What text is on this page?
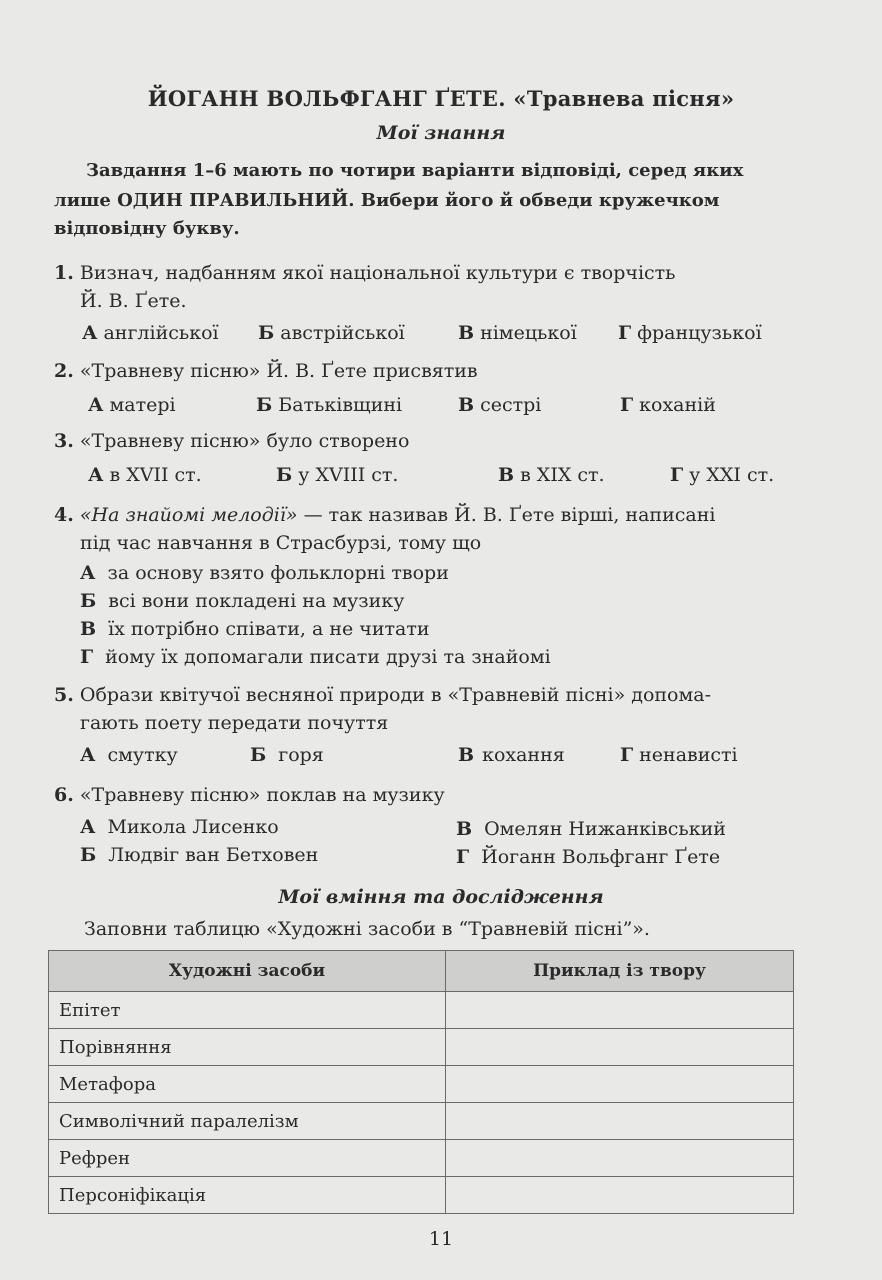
ЙОГАНН ВОЛЬФГАНГ ҐЕТЕ. «Травнева пісня»
Мої знання
Завдання 1–6 мають по чотири варіанти відповіді, серед яких
лише ОДИН ПРАВИЛЬНИЙ. Вибери його й обведи кружечком
відповідну букву.
1. Визнач, надбанням якої національної культури є творчість
Й. В. Ґете.
А англійської Б австрійської	В німецької Г французької
2. «Травневу пісню» Й. В. Ґете присвятив
А матері	Б Батьківщині	В сестрі	Г коханій
3. «Травневу пісню» було створено
А в XVII ст.	Б у XVIII ст.	В в XIX ст.	Г у XXI ст.
4. «На знайомі мелодії» — так називав Й. В. Ґете вірші, написані
під час навчання в Страсбурзі, тому що
А за основу взято фольклорні твори
Б всі вони покладені на музику
В їх потрібно співати, а не читати
Г йому їх допомагали писати друзі та знайомі
5. Образи квітучої весняної природи в «Травневій пісні» допома-
гають поету передати почуття
А смутку	Б горя	В кохання	Г ненависті
6. «Травневу пісню» поклав на музику
А Микола Лисенко
Б Людвіг ван Бетховен
В Омелян Нижанківський
Г Йоганн Вольфганг Ґете
Мої вміння та дослідження
Заповни таблицю «Художні засоби в “Травневій пісні”».
Художні засоби	Приклад із твору
Епітет	
Порівняння	
Метафора	
Символічний паралелізм	
Рефрен	
Персоніфікація	
11
